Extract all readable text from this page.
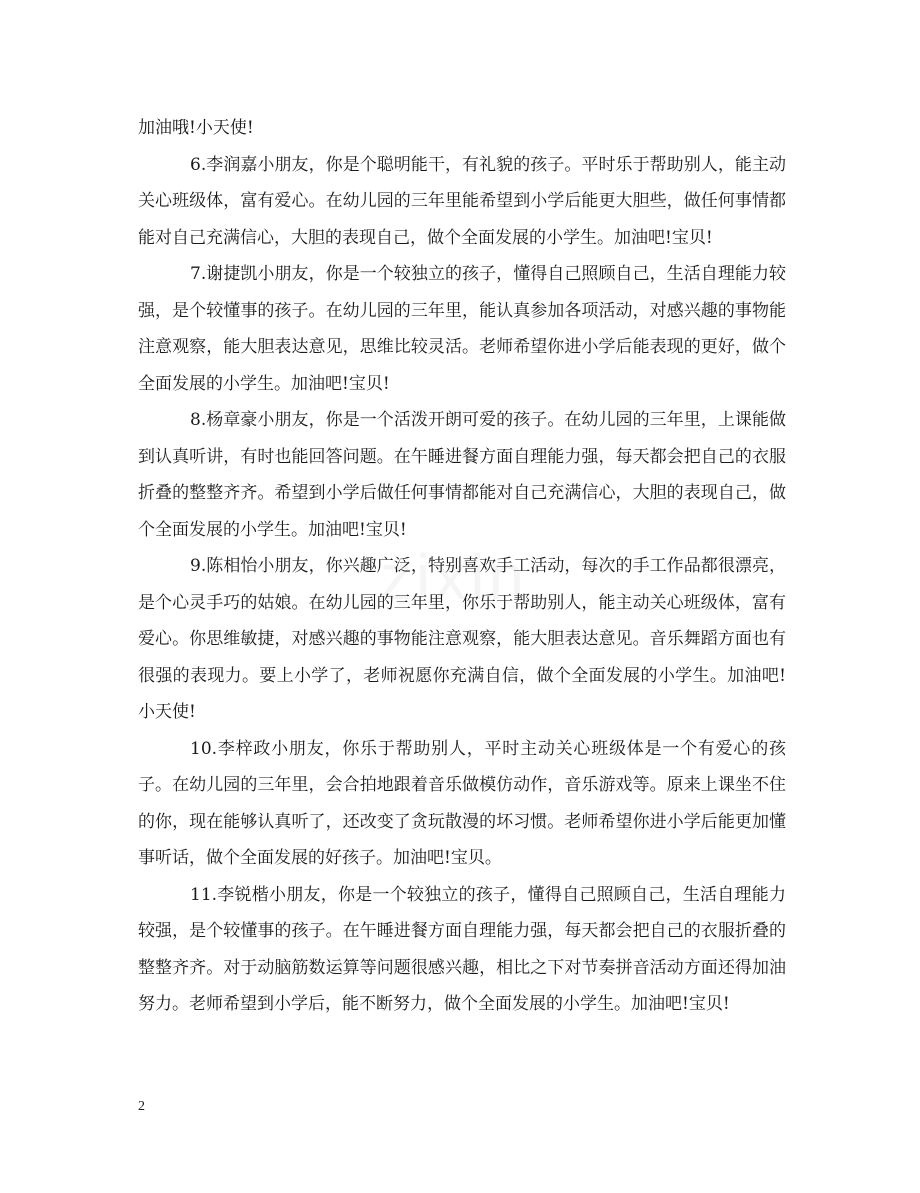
zixin

加油哦!小天使!

6.李润嘉小朋友，你是个聪明能干，有礼貌的孩子。平时乐于帮助别人，能主动关心班级体，富有爱心。在幼儿园的三年里能希望到小学后能更大胆些，做任何事情都能对自己充满信心，大胆的表现自己，做个全面发展的小学生。加油吧!宝贝!

7.谢捷凯小朋友，你是一个较独立的孩子，懂得自己照顾自己，生活自理能力较强，是个较懂事的孩子。在幼儿园的三年里，能认真参加各项活动，对感兴趣的事物能注意观察，能大胆表达意见，思维比较灵活。老师希望你进小学后能表现的更好，做个全面发展的小学生。加油吧!宝贝!

8.杨章豪小朋友，你是一个活泼开朗可爱的孩子。在幼儿园的三年里，上课能做到认真听讲，有时也能回答问题。在午睡进餐方面自理能力强，每天都会把自己的衣服折叠的整整齐齐。希望到小学后做任何事情都能对自己充满信心，大胆的表现自己，做个全面发展的小学生。加油吧!宝贝!

9.陈相怡小朋友，你兴趣广泛，特别喜欢手工活动，每次的手工作品都很漂亮，是个心灵手巧的姑娘。在幼儿园的三年里，你乐于帮助别人，能主动关心班级体，富有爱心。你思维敏捷，对感兴趣的事物能注意观察，能大胆表达意见。音乐舞蹈方面也有很强的表现力。要上小学了，老师祝愿你充满自信，做个全面发展的小学生。加油吧!小天使!

10.李梓政小朋友，你乐于帮助别人，平时主动关心班级体是一个有爱心的孩子。在幼儿园的三年里，会合拍地跟着音乐做模仿动作，音乐游戏等。原来上课坐不住的你，现在能够认真听了，还改变了贪玩散漫的坏习惯。老师希望你进小学后能更加懂事听话，做个全面发展的好孩子。加油吧!宝贝。

11.李锐楷小朋友，你是一个较独立的孩子，懂得自己照顾自己，生活自理能力较强，是个较懂事的孩子。在午睡进餐方面自理能力强，每天都会把自己的衣服折叠的整整齐齐。对于动脑筋数运算等问题很感兴趣，相比之下对节奏拼音活动方面还得加油努力。老师希望到小学后，能不断努力，做个全面发展的小学生。加油吧!宝贝!

2
